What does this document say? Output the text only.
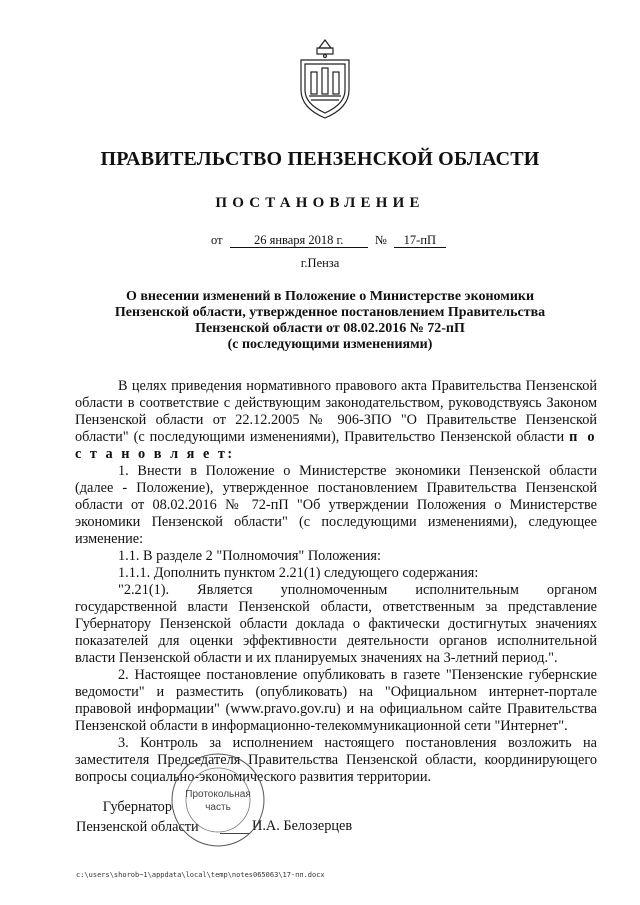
ПРАВИТЕЛЬСТВО ПЕНЗЕНСКОЙ ОБЛАСТИ
ПОСТАНОВЛЕНИЕ
от	26 января 2018 г.	№ 17-пП
г.Пенза
О внесении изменений в Положение о Министерстве экономики
Пензенской области, утвержденное постановлением Правительства
Пензенской области от 08.02.2016 № 72-пП
(с последующими изменениями)

В целях приведения нормативного правового акта Правительства Пензенской области в соответствие с действующим законодательством, руководствуясь Законом Пензенской области от 22.12.2005 № 906-ЗПО "О Правительстве Пензенской области" (с последующими изменениями), Правительство Пензенской области п о с т а н о в л я е т:

1. Внести в Положение о Министерстве экономики Пензенской области (далее - Положение), утвержденное постановлением Правительства Пензенской области от 08.02.2016 № 72-пП "Об утверждении Положения о Министерстве экономики Пензенской области" (с последующими изменениями), следующее изменение:

1.1. В разделе 2 "Полномочия" Положения:

1.1.1. Дополнить пунктом 2.21(1) следующего содержания:

"2.21(1). Является уполномоченным исполнительным органом государственной власти Пензенской области, ответственным за представление Губернатору Пензенской области доклада о фактически достигнутых значениях показателей для оценки эффективности деятельности органов исполнительной власти Пензенской области и их планируемых значениях на 3-летний период.".

2. Настоящее постановление опубликовать в газете "Пензенские губернские ведомости" и разместить (опубликовать) на "Официальном интернет-портале правовой информации" (www.pravo.gov.ru) и на официальном сайте Правительства Пензенской области в информационно-телекоммуникационной сети "Интернет".

3. Контроль за исполнением настоящего постановления возложить на заместителя Председателя Правительства Пензенской области, координирующего вопросы социально-экономического развития территории.

Губернатор
Пензенской области	И.А. Белозерцев
Протокольная
часть
c:\users\shorob~1\appdata\local\temp\notes065063\17-пп.docx
